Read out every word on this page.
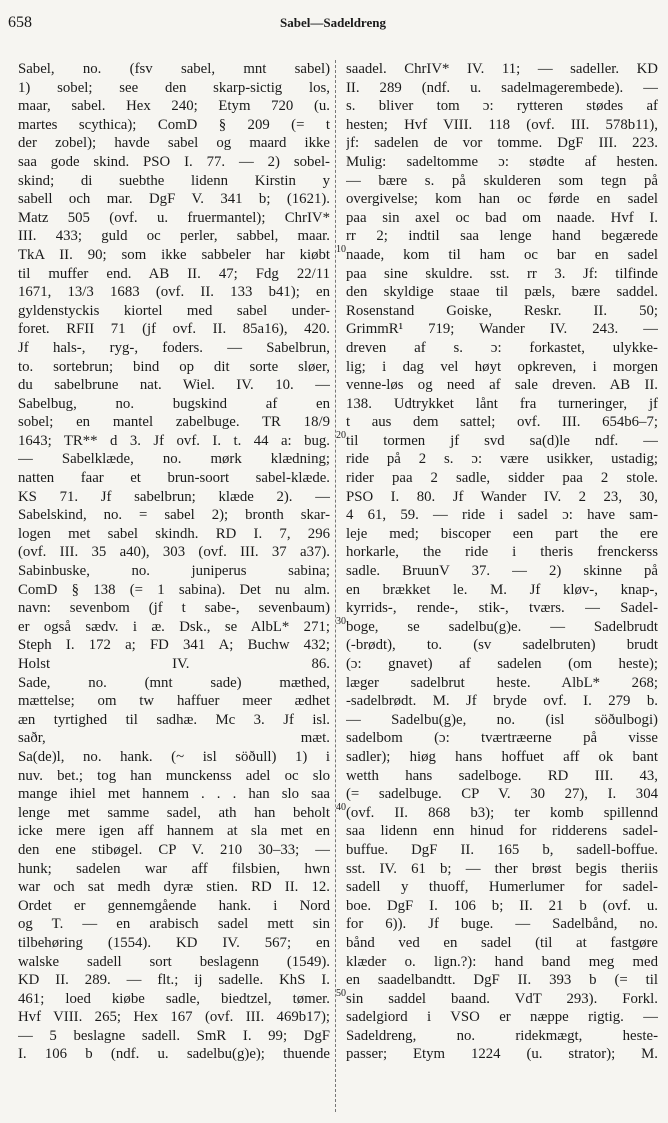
658	Sabel—Sadeldreng
Sabel, no. (fsv sabel, mnt sabel)
1) sobel; see den skarp-sictig los,
maar, sabel. Hex 240; Etym 720 (u.
martes scythica); ComD § 209 (= t
der zobel); havde sabel og maard ikke
saa gode skind. PSO I. 77. — 2) sobel-
skind; di suebthe lidenn Kirstin y
sabell och mar. DgF V. 341 b; (1621).
Matz 505 (ovf. u. fruermantel); ChrIV*
III. 433; guld oc perler, sabbel, maar.
TkA II. 90; som ikke sabbeler har kiøbt
til muffer end. AB II. 47; Fdg 22/11
1671, 13/3 1683 (ovf. II. 133 b41); en
gyldenstyckis kiortel med sabel under-
foret. RFII 71 (jf ovf. II. 85a16), 420.
Jf hals-, ryg-, foders. — Sabelbrun,
to. sortebrun; bind op dit sorte sløer,
du sabelbrune nat. Wiel. IV. 10. —
Sabelbug, no. bugskind af en
sobel; en mantel zabelbuge. TR 18/9
1643; TR** d 3. Jf ovf. I. t. 44 a: bug.
— Sabelklæde, no. mørk klædning;
natten faar et brun-soort sabel-klæde.
KS 71. Jf sabelbrun; klæde 2). —
Sabelskind, no. = sabel 2); bronth skar-
logen met sabel skindh. RD I. 7, 296
(ovf. III. 35 a40), 303 (ovf. III. 37 a37).
Sabinbuske, no. juniperus sabina;
ComD § 138 (= 1 sabina). Det nu alm.
navn: sevenbom (jf t sabe-, sevenbaum)
er også sædv. i æ. Dsk., se AlbL* 271;
Steph I. 172 a; FD 341 A; Buchw 432;
Holst IV. 86.
Sade, no. (mnt sade) mæthed,
mættelse; om tw haffuer meer ædhet
æn tyrtighed til sadhæ. Mc 3. Jf isl.
saðr, mæt.
Sa(de)l, no. hank. (~ isl söðull) 1) i
nuv. bet.; tog han munckenss adel oc slo
mange ihiel met hannem . . . han slo saa
lenge met samme sadel, ath han beholt
icke mere igen aff hannem at sla met en
den ene stibøgel. CP V. 210 30–33; —
hunk; sadelen war aff filsbien, hwn
war och sat medh dyræ stien. RD II. 12.
Ordet er gennemgående hank. i Nord
og T. — en arabisch sadel mett sin
tilbehøring (1554). KD IV. 567; en
walske sadell sort beslagenn (1549).
KD II. 289. — flt.; ij sadelle. KhS I.
461; loed kiøbe sadle, biedtzel, tømer.
Hvf VIII. 265; Hex 167 (ovf. III. 469b17);
— 5 beslagne sadell. SmR I. 99; DgF
I. 106 b (ndf. u. sadelbu(g)e); thuende
saadel. ChrIV* IV. 11; — sadeller. KD
II. 289 (ndf. u. sadelmagerembede). —
s. bliver tom ɔ: rytteren stødes af
hesten; Hvf VIII. 118 (ovf. III. 578b11),
jf: sadelen de vor tomme. DgF III. 223.
Mulig: sadeltomme ɔ: stødte af hesten.
— bære s. på skulderen som tegn på
overgivelse; kom han oc førde en sadel
paa sin axel oc bad om naade. Hvf I.
rr 2; indtil saa lenge hand begærede
naade, kom til ham oc bar en sadel
paa sine skuldre. sst. rr 3. Jf: tilfinde
den skyldige staae til pæls, bære saddel.
Rosenstand Goiske, Reskr. II. 50;
GrimmR¹ 719; Wander IV. 243. —
dreven af s. ɔ: forkastet, ulykke-
lig; i dag vel høyt opkreven, i morgen
venne-løs og need af sale dreven. AB II.
138. Udtrykket lånt fra turneringer, jf
t aus dem sattel; ovf. III. 654b6–7;
til tormen jf svd sa(d)le ndf. —
ride på 2 s. ɔ: være usikker, ustadig;
rider paa 2 sadle, sidder paa 2 stole.
PSO I. 80. Jf Wander IV. 2 23, 30,
4 61, 59. — ride i sadel ɔ: have sam-
leje med; biscoper een part the ere
horkarle, the ride i theris frenckerss
sadle. BruunV 37. — 2) skinne på
en brækket le. M. Jf kløv-, knap-,
kyrrids-, rende-, stik-, tværs. — Sadel-
boge, se sadelbu(g)e. — Sadelbrudt
(-brødt), to. (sv sadelbruten) brudt
(ɔ: gnavet) af sadelen (om heste);
læger sadelbrut heste. AlbL* 268;
-sadelbrødt. M. Jf bryde ovf. I. 279 b.
— Sadelbu(g)e, no. (isl söðulbogi)
sadelbom (ɔ: tværtræerne på visse
sadler); hiøg hans hoffuet aff ok bant
wetth hans sadelboge. RD III. 43,
(= sadelbuge. CP V. 30 27), I. 304
(ovf. II. 868 b3); ter komb spillennd
saa lidenn enn hinud for ridderens sadel-
buffue. DgF II. 165 b, sadell-boffue.
sst. IV. 61 b; — ther brøst begis theriis
sadell y thuoff, Humerlumer for sadel-
boe. DgF I. 106 b; II. 21 b (ovf. u.
for 6)). Jf buge. — Sadelbånd, no.
bånd ved en sadel (til at fastgøre
klæder o. lign.?): hand band meg med
en saadelbandtt. DgF II. 393 b (= til
sin saddel baand. VdT 293). Forkl.
sadelgiord i VSO er næppe rigtig. —
Sadeldreng, no. ridekmægt, heste-
passer; Etym 1224 (u. strator); M.
10
20
30
40
50
